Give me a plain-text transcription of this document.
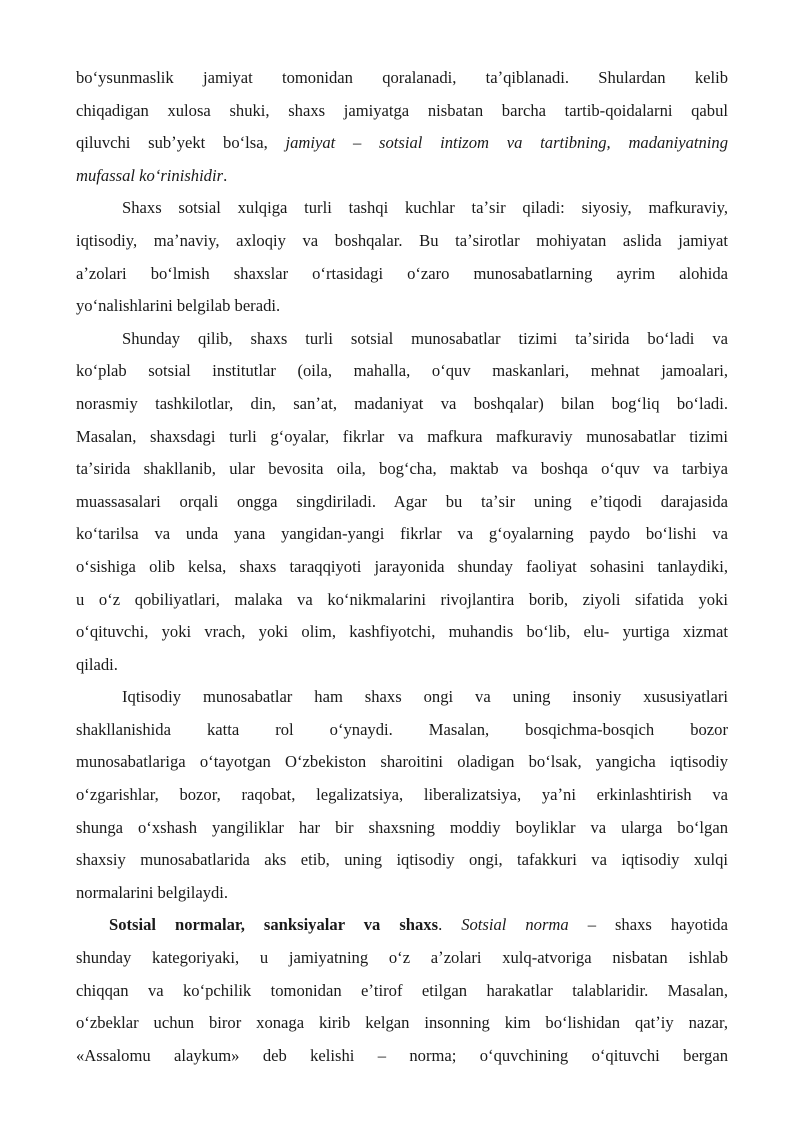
boʻysunmaslik jamiyat tomonidan qoralanadi, taʼqiblanadi. Shulardan kelib
chiqadigan xulosa shuki, shaxs jamiyatga nisbatan barcha tartib-qoidalarni qabul
qiluvchi subʼyekt boʻlsa, jamiyat – sotsial intizom va tartibning, madaniyatning
mufassal koʻrinishidir.
Shaxs sotsial xulqiga turli tashqi kuchlar taʼsir qiladi: siyosiy, mafkuraviy,
iqtisodiy, maʼnaviy, axloqiy va boshqalar. Bu taʼsirotlar mohiyatan aslida jamiyat
aʼzolari boʻlmish shaxslar oʻrtasidagi oʻzaro munosabatlarning ayrim alohida
yoʻnalishlarini belgilab beradi.
Shunday qilib, shaxs turli sotsial munosabatlar tizimi taʼsirida boʻladi va
koʻplab sotsial institutlar (oila, mahalla, oʻquv maskanlari, mehnat jamoalari,
norasmiy tashkilotlar, din, sanʼat, madaniyat va boshqalar) bilan bogʻliq boʻladi.
Masalan, shaxsdagi turli gʻoyalar, fikrlar va mafkura mafkuraviy munosabatlar tizimi
taʼsirida shakllanib, ular bevosita oila, bogʻcha, maktab va boshqa oʻquv va tarbiya
muassasalari orqali ongga singdiriladi. Agar bu taʼsir uning eʼtiqodi darajasida
koʻtarilsa va unda yana yangidan-yangi fikrlar va gʻoyalarning paydo boʻlishi va
oʻsishiga olib kelsa, shaxs taraqqiyoti jarayonida shunday faoliyat sohasini tanlaydiki,
u oʻz qobiliyatlari, malaka va koʻnikmalarini rivojlantira borib, ziyoli sifatida yoki
oʻqituvchi, yoki vrach, yoki olim, kashfiyotchi, muhandis boʻlib, elu- yurtiga xizmat
qiladi.
Iqtisodiy munosabatlar ham shaxs ongi va uning insoniy xususiyatlari
shakllanishida katta rol oʻynaydi. Masalan, bosqichma-bosqich bozor
munosabatlariga oʻtayotgan Oʻzbekiston sharoitini oladigan boʻlsak, yangicha iqtisodiy
oʻzgarishlar, bozor, raqobat, legalizatsiya, liberalizatsiya, yaʼni erkinlashtirish va
shunga oʻxshash yangiliklar har bir shaxsning moddiy boyliklar va ularga boʻlgan
shaxsiy munosabatlarida aks etib, uning iqtisodiy ongi, tafakkuri va iqtisodiy xulqi
normalarini belgilaydi.
Sotsial normalar, sanksiyalar va shaxs. Sotsial norma – shaxs hayotida
shunday kategoriyaki, u jamiyatning oʻz aʼzolari xulq-atvoriga nisbatan ishlab
chiqqan va koʻpchilik tomonidan eʼtirof etilgan harakatlar talablaridir. Masalan,
oʻzbeklar uchun biror xonaga kirib kelgan insonning kim boʻlishidan qatʼiy nazar,
«Assalomu alaykum» deb kelishi – norma; oʻquvchining oʻqituvchi bergan
